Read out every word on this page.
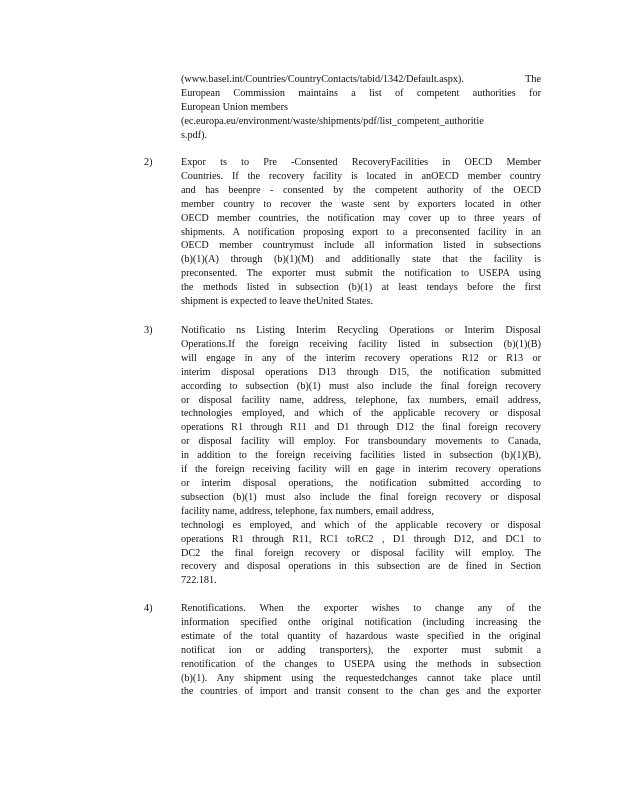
(www.basel.int/Countries/CountryContacts/tabid/1342/Default.aspx). The
European Commission maintains a list of competent authorities for
European Union members
(ec.europa.eu/environment/waste/shipments/pdf/list_competent_authoritie
s.pdf).
2)	Expor ts to Pre -Consented RecoveryFacilities in OECD Member
Countries. If the recovery facility is located in anOECD member country
and has beenpre - consented by the competent authority of the OECD
member country to recover the waste sent by exporters located in other
OECD member countries, the notification may cover up to three years of
shipments. A notification proposing export to a preconsented facility in an
OECD member countrymust include all information listed in subsections
(b)(1)(A) through (b)(1)(M) and additionally state that the facility is
preconsented. The exporter must submit the notification to USEPA using
the methods listed in subsection (b)(1) at least tendays before the first
shipment is expected to leave theUnited States.
3)	Notificatio ns Listing Interim Recycling Operations or Interim Disposal
Operations.If the foreign receiving facility listed in subsection (b)(1)(B)
will engage in any of the interim recovery operations R12 or R13 or
interim disposal operations D13 through D15, the notification submitted
according to subsection (b)(1) must also include the final foreign recovery
or disposal facility name, address, telephone, fax numbers, email address,
technologies employed, and which of the applicable recovery or disposal
operations R1 through R11 and D1 through D12 the final foreign recovery
or disposal facility will employ. For transboundary movements to Canada,
in addition to the foreign receiving facilities listed in subsection (b)(1)(B),
if the foreign receiving facility will en gage in interim recovery operations
or interim disposal operations, the notification submitted according to
subsection (b)(1) must also include the final foreign recovery or disposal
facility name, address, telephone, fax numbers, email address,
technologi es employed, and which of the applicable recovery or disposal
operations R1 through R11, RC1 toRC2 , D1 through D12, and DC1 to
DC2 the final foreign recovery or disposal facility will employ. The
recovery and disposal operations in this subsection are de fined in Section
722.181.
4)	Renotifications. When the exporter wishes to change any of the
information specified onthe original notification (including increasing the
estimate of the total quantity of hazardous waste specified in the original
notificat ion or adding transporters), the exporter must submit a
renotification of the changes to USEPA using the methods in subsection
(b)(1). Any shipment using the requestedchanges cannot take place until
the countries of import and transit consent to the chan ges and the exporter
